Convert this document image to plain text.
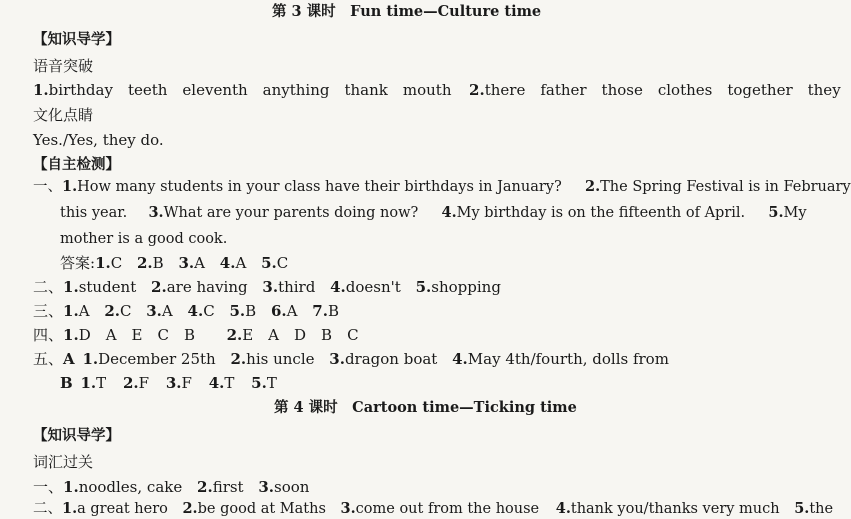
第 3 课时　Fun time—Culture time
【知识导学】
语音突破
1.birthday　teeth　eleventh　anything　thank　mouth 2.there　father　those　clothes　together　they
文化点睛
Yes./Yes, they do.
【自主检测】
一、1.How many students in your class have their birthdays in January? 2.The Spring Festival is in February
this year. 3.What are your parents doing now? 4.My birthday is on the fifteenth of April. 5.My
mother is a good cook.
答案:1.C 2.B 3.A 4.A 5.C
二、1.student 2.are having 3.third 4.doesn't 5.shopping
三、1.A 2.C 3.A 4.C 5.B 6.A 7.B
四、1.D　A　E　C　B 2.E　A　D　B　C
五、A 1.December 25th 2.his uncle 3.dragon boat 4.May 4th/fourth, dolls from
B 1.T 2.F 3.F 4.T 5.T
第 4 课时　Cartoon time—Ticking time
【知识导学】
词汇过关
一、1.noodles, cake 2.first 3.soon
二、1.a great hero 2.be good at Maths 3.come out from the house 4.thank you/thanks very much 5.the
